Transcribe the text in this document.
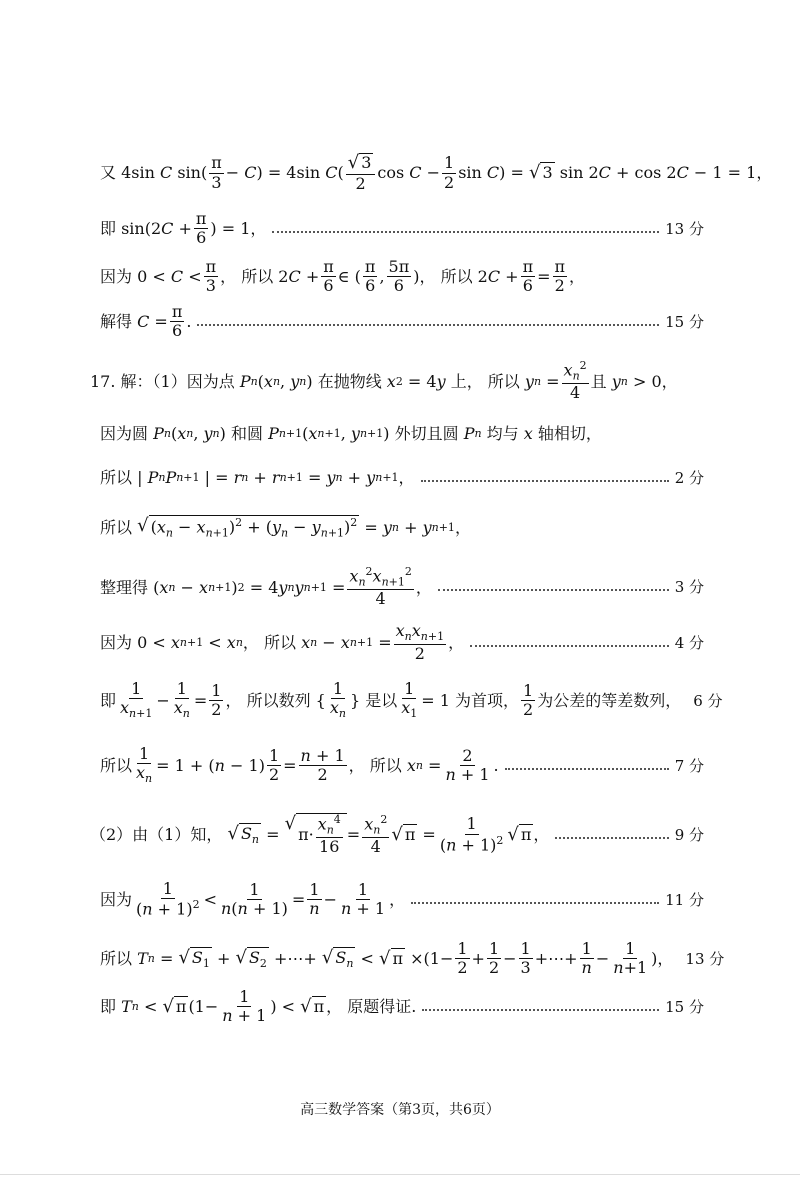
又 4sin C $\sin( \frac{\pi}{3} - C$ ) = 4sin C ( $\frac{√ 3}{2}$ $\cos C - \frac{1}{2}$ sin C ) = √ 3 sin 2 C + cos 2 C − 1 = 1，
即 sin(2 $C + \frac{\pi}{6}$ ) = 1，	13 分
因为 $0 < C < \frac{\pi}{3}$ ， 所以 2 $C + \frac{\pi}{6}$ ∈ ( $\frac{\pi}{6}$ , $\frac{5\pi}{6}$ )， 所以 2 $C + \frac{\pi}{6} = \frac{\pi}{2}$ ，
解得 $C = \frac{\pi}{6}$ .	15 分
17. 解：（1）因为点 P n ( x n , y n ) 在抛物线 x 2 = 4 y 上， 所以 y $n = \frac{x_n^2}{4}$ 且 y n > 0，
因为圆 P n ( x n , y n ) 和圆 P n+1 ( x n+1 , y n+1 ) 外切且圆 P n 均与 x 轴相切，
所以 | P n P n+1 | = r n + r n+1 = y n + y n+1 ，	2 分
所以 √ $(x_n - x_{n+1})^2 + (y_n - y_{n+1})^2 = y$ n + y n+1 ，
整理得 ( x n − x n+1 ) 2 = 4 y n y $n+1 = \frac{x_n^2x_{n+1}^2}{4}$ ，	3 分
因为 0 < x n+1 < x n ， 所以 x n − x $n+1 = \frac{x_nx_{n+1}}{2}$ ，	4 分
即 $\frac{1}{x_{n+1}} - \frac{1}{x_n} = \frac{1}{2}$ ， 所以数列 { $\frac{1}{x_n}$ } 是以 $\frac{1}{x_1} = 1$ 为首项， $\frac{1}{2}$ 为公差的等差数列， 6 分
所以 $\frac{1}{x_n} = 1$ + ( $n - 1) \frac{1}{2} = \frac{n + 1}{2}$ ， 所以 x $n = \frac{2}{n + 1}$ .	7 分
（2）由（1）知， √ $S_n$ =
√
$\pi\cdot \frac{x_n^4}{16} = \frac{x_n^2}{4}$ √ $\pi = \frac{1}{(n + 1)^2}$ √ π ，	9 分
因为 $\frac{1}{(n + 1)^2} < \frac{1}{n(n + 1)} = \frac{1}{n} - \frac{1}{n + 1}$ ，	11 分
所以 T n = √ $S_1$ + √ $S_2$ +⋯+ √ $S_n$ < √ $\pi \times(1- \frac{1}{2} + \frac{1}{2} - \frac{1}{3}$ +⋯+ $\frac{1}{n} - \frac{1}{n+1}$ )， 13 分
即 T n < √ π ($1- \frac{1}{n + 1}$ ) < √ π ， 原题得证.	15 分
高三数学答案（第3页，共6页）
